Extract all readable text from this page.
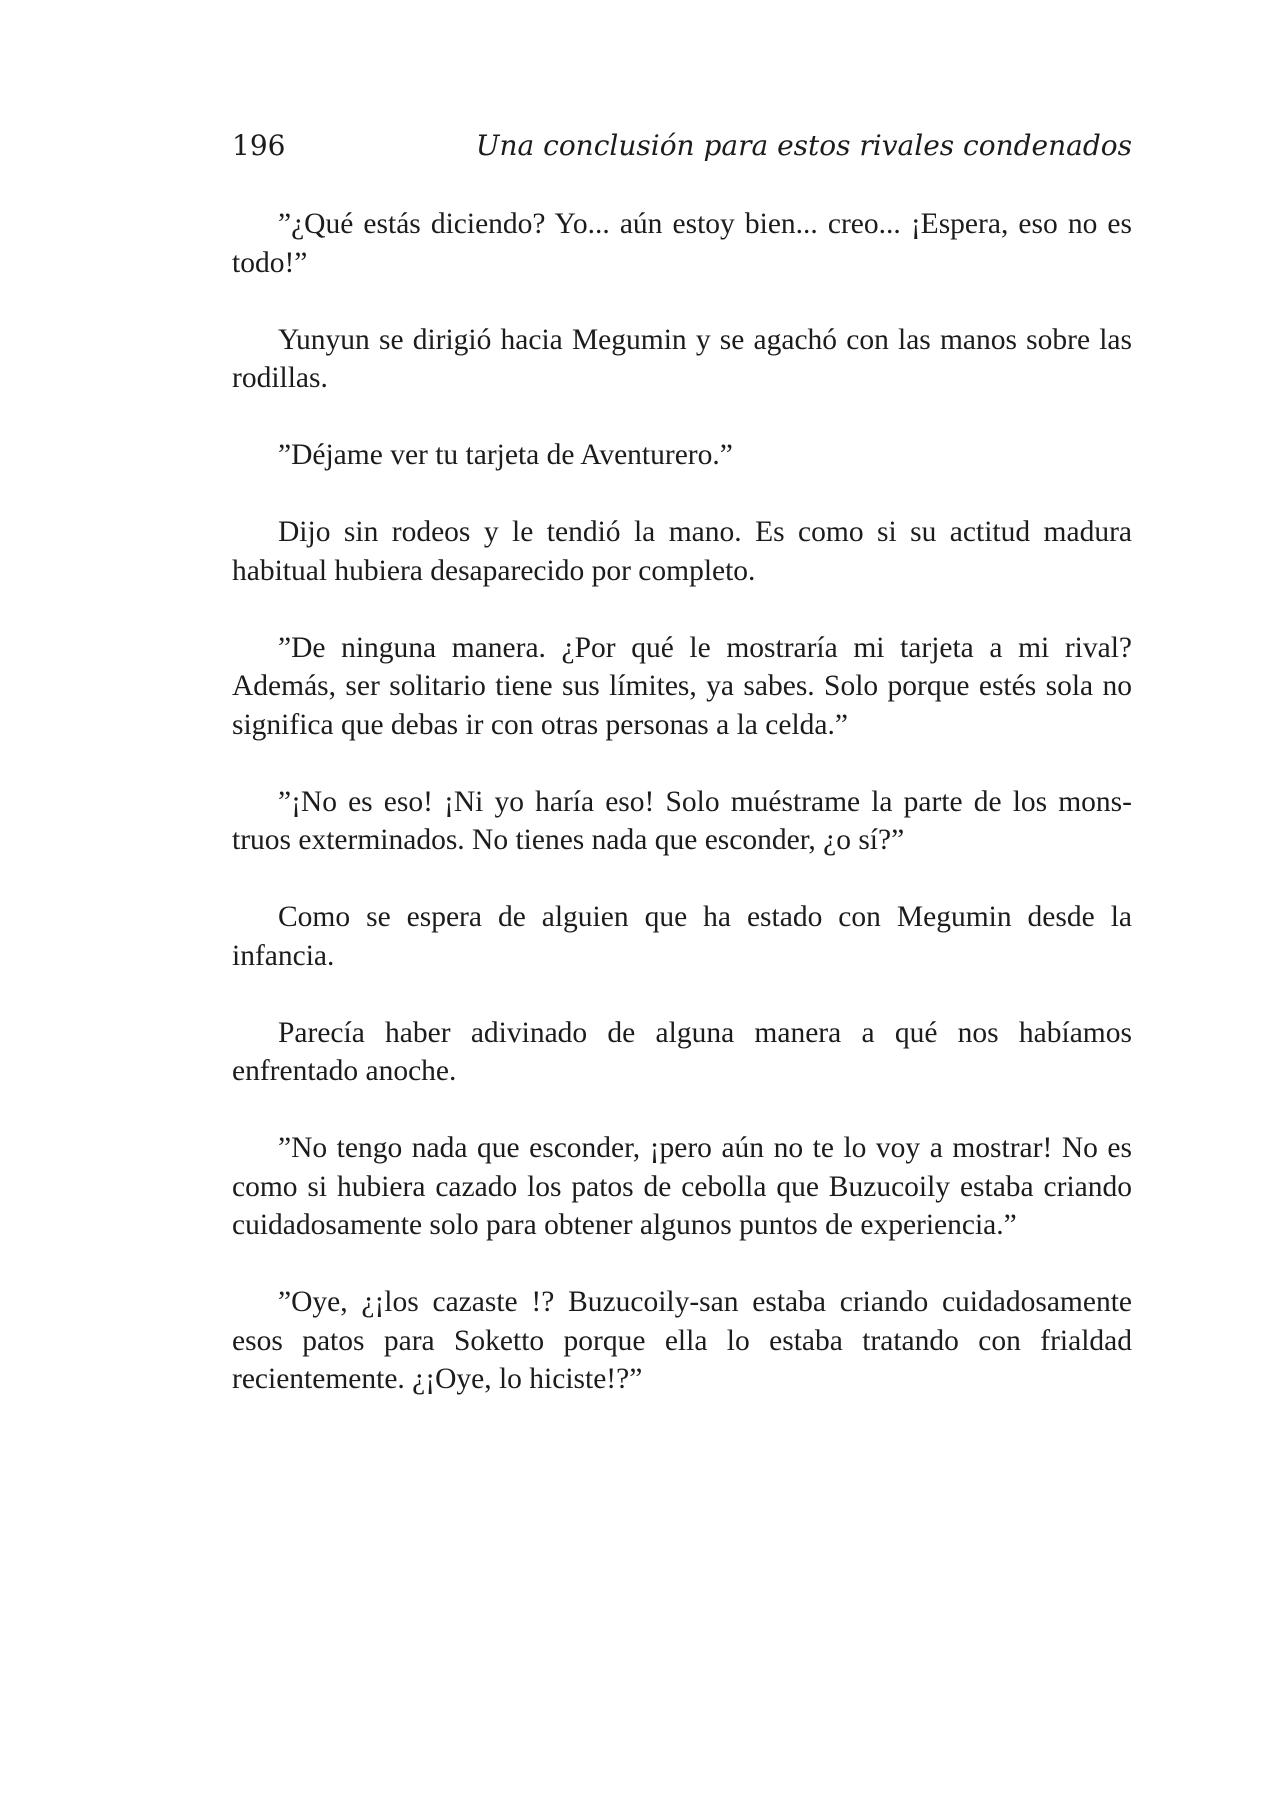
196	Una conclusión para estos rivales condenados

”¿Qué estás diciendo? Yo... aún estoy bien... creo... ¡Espera, eso no es todo!”

Yunyun se dirigió hacia Megumin y se agachó con las manos sobre las rodillas.

”Déjame ver tu tarjeta de Aventurero.”

Dijo sin rodeos y le tendió la mano. Es como si su actitud madura habitual hubiera desaparecido por completo.

”De ninguna manera. ¿Por qué le mostraría mi tarjeta a mi rival? Además, ser solitario tiene sus límites, ya sabes. Solo porque estés sola no significa que debas ir con otras personas a la celda.”

”¡No es eso! ¡Ni yo haría eso! Solo muéstrame la parte de los monstruos exterminados. No tienes nada que esconder, ¿o sí?”

Como se espera de alguien que ha estado con Megumin desde la infancia.

Parecía haber adivinado de alguna manera a qué nos habíamos enfrentado anoche.

”No tengo nada que esconder, ¡pero aún no te lo voy a mostrar! No es como si hubiera cazado los patos de cebolla que Buzucoily estaba criando cuidadosamente solo para obtener algunos puntos de experiencia.”

”Oye, ¿¡los cazaste !? Buzucoily-san estaba criando cuidadosamente esos patos para Soketto porque ella lo estaba tratando con frialdad recientemente. ¿¡Oye, lo hiciste!?”
